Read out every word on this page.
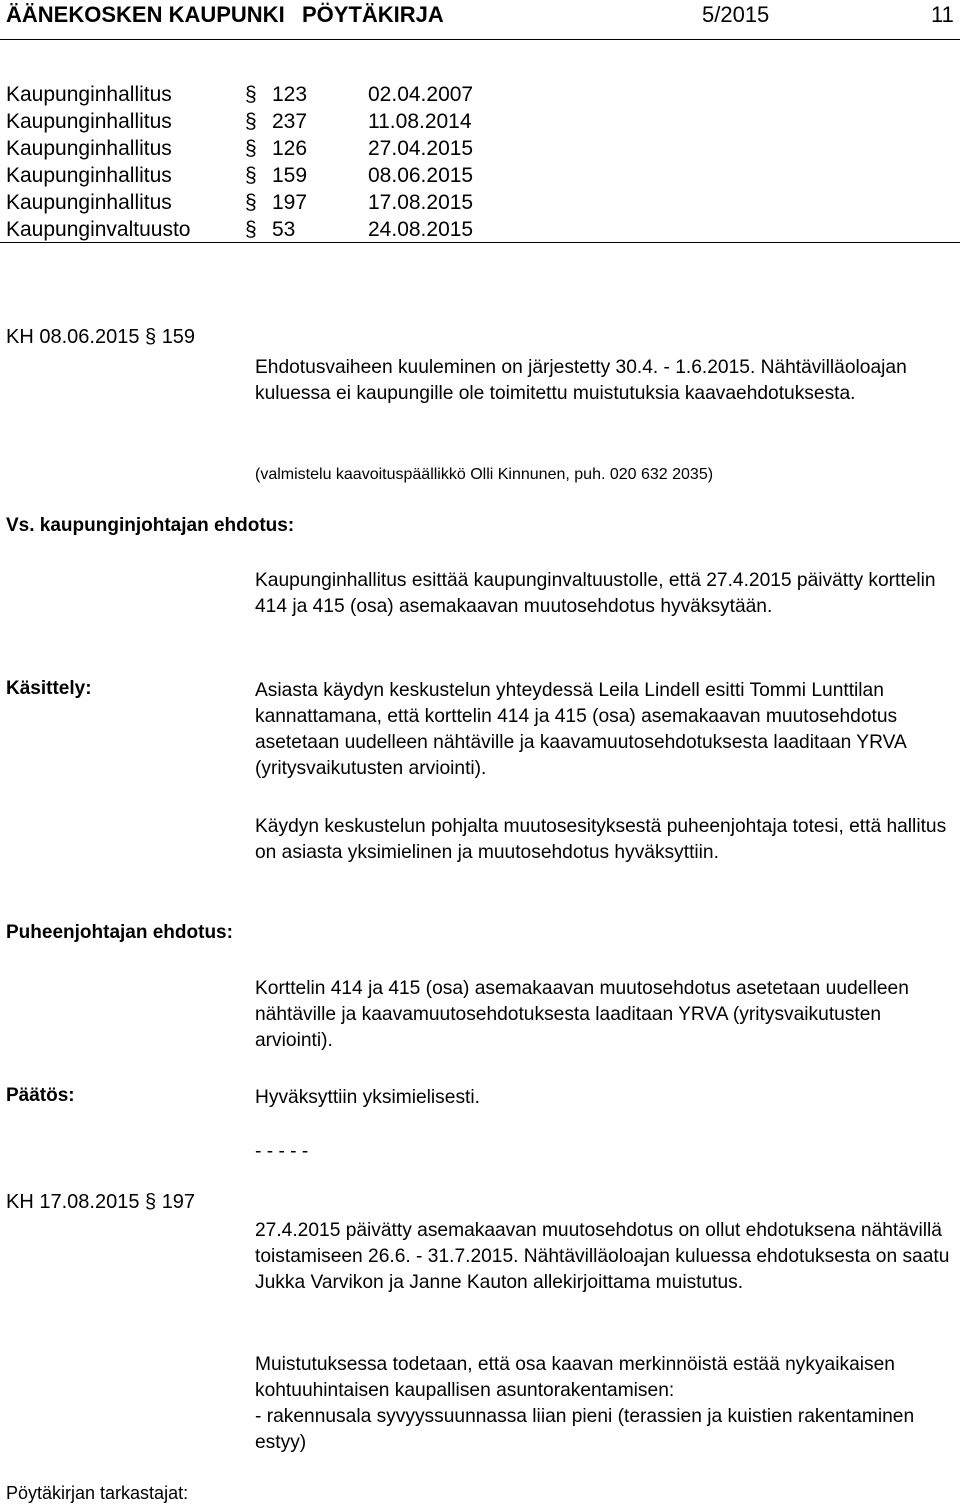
ÄÄNEKOSKEN KAUPUNKI PÖYTÄKIRJA	5/2015	11
Kaupunginhallitus	§ 123	02.04.2007
Kaupunginhallitus	§ 237	11.08.2014
Kaupunginhallitus	§ 126	27.04.2015
Kaupunginhallitus	§ 159	08.06.2015
Kaupunginhallitus	§ 197	17.08.2015
Kaupunginvaltuusto	§ 53	24.08.2015
KH 08.06.2015 § 159

Ehdotusvaiheen kuuleminen on järjestetty 30.4. - 1.6.2015. Nähtävilläoloajan kuluessa ei kaupungille ole toimitettu muistutuksia kaavaehdotuksesta.

(valmistelu kaavoituspäällikkö Olli Kinnunen, puh. 020 632 2035)

Vs. kaupunginjohtajan ehdotus:

Kaupunginhallitus esittää kaupunginvaltuustolle, että 27.4.2015 päivätty korttelin 414 ja 415 (osa) asemakaavan muutosehdotus hyväksytään.

Käsittely:	Asiasta käydyn keskustelun yhteydessä Leila Lindell esitti Tommi Lunttilan kannattamana, että korttelin 414 ja 415 (osa) asemakaavan muutosehdotus asetetaan uudelleen nähtäville ja kaavamuutosehdotuksesta laaditaan YRVA (yritysvaikutusten arviointi).

Käydyn keskustelun pohjalta muutosesityksestä puheenjohtaja totesi, että hallitus on asiasta yksimielinen ja muutosehdotus hyväksyttiin.

Puheenjohtajan ehdotus:

Korttelin 414 ja 415 (osa) asemakaavan muutosehdotus asetetaan uudelleen nähtäville ja kaavamuutosehdotuksesta laaditaan YRVA (yritysvaikutusten arviointi).

Päätös:	Hyväksyttiin yksimielisesti.

- - - - -

KH 17.08.2015 § 197

27.4.2015 päivätty asemakaavan muutosehdotus on ollut ehdotuksena nähtävillä toistamiseen 26.6. - 31.7.2015. Nähtävilläoloajan kuluessa ehdotuksesta on saatu Jukka Varvikon ja Janne Kauton allekirjoittama muistutus.

Muistutuksessa todetaan, että osa kaavan merkinnöistä estää nykyaikaisen kohtuuhintaisen kaupallisen asuntorakentamisen:

- rakennusala syvyyssuunnassa liian pieni (terassien ja kuistien rakentaminen estyy)

Pöytäkirjan tarkastajat:
